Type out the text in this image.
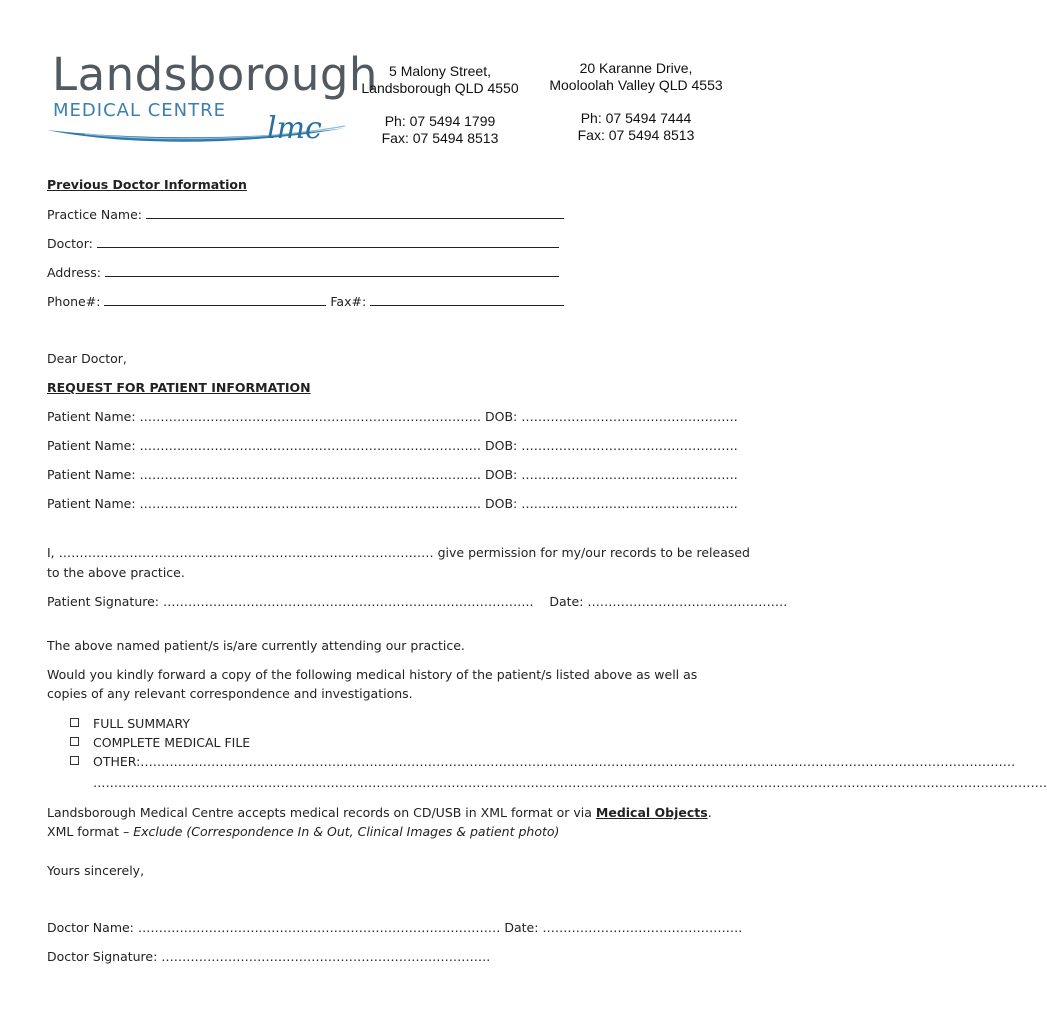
Landsborough
MEDICAL CENTRE
lmc
5 Malony Street,
Landsborough QLD 4550
Ph: 07 5494 1799
Fax: 07 5494 8513
20 Karanne Drive,
Mooloolah Valley QLD 4553
Ph: 07 5494 7444
Fax: 07 5494 8513
Previous Doctor Information
Practice Name:
Doctor:
Address:
Phone#:	Fax#:
Dear Doctor,
REQUEST FOR PATIENT INFORMATION
Patient Name: ………………………………………………………………………. DOB: …………………………………………….
Patient Name: ………………………………………………………………………. DOB: …………………………………………….
Patient Name: ………………………………………………………………………. DOB: …………………………………………….
Patient Name: ………………………………………………………………………. DOB: …………………………………………….
I, ……………………………………………………………………………… give permission for my/our records to be released
to the above practice.
Patient Signature: ……………………………………………………………………………..    Date: …………………………………………
The above named patient/s is/are currently attending our practice.
Would you kindly forward a copy of the following medical history of the patient/s listed above as well as
copies of any relevant correspondence and investigations.
FULL SUMMARY
COMPLETE MEDICAL FILE
OTHER:…………………………………………………………………………………………………………………………………………………………………………………………
………………………………………………………………………………………………………………………………………………………………………………………………………….
Landsborough Medical Centre accepts medical records on CD/USB in XML format or via Medical Objects.
XML format – Exclude (Correspondence In & Out, Clinical Images & patient photo)
Yours sincerely,
Doctor Name: …………………………………………………………………………… Date: …………………………………………
Doctor Signature: …………………………………………………………………….
